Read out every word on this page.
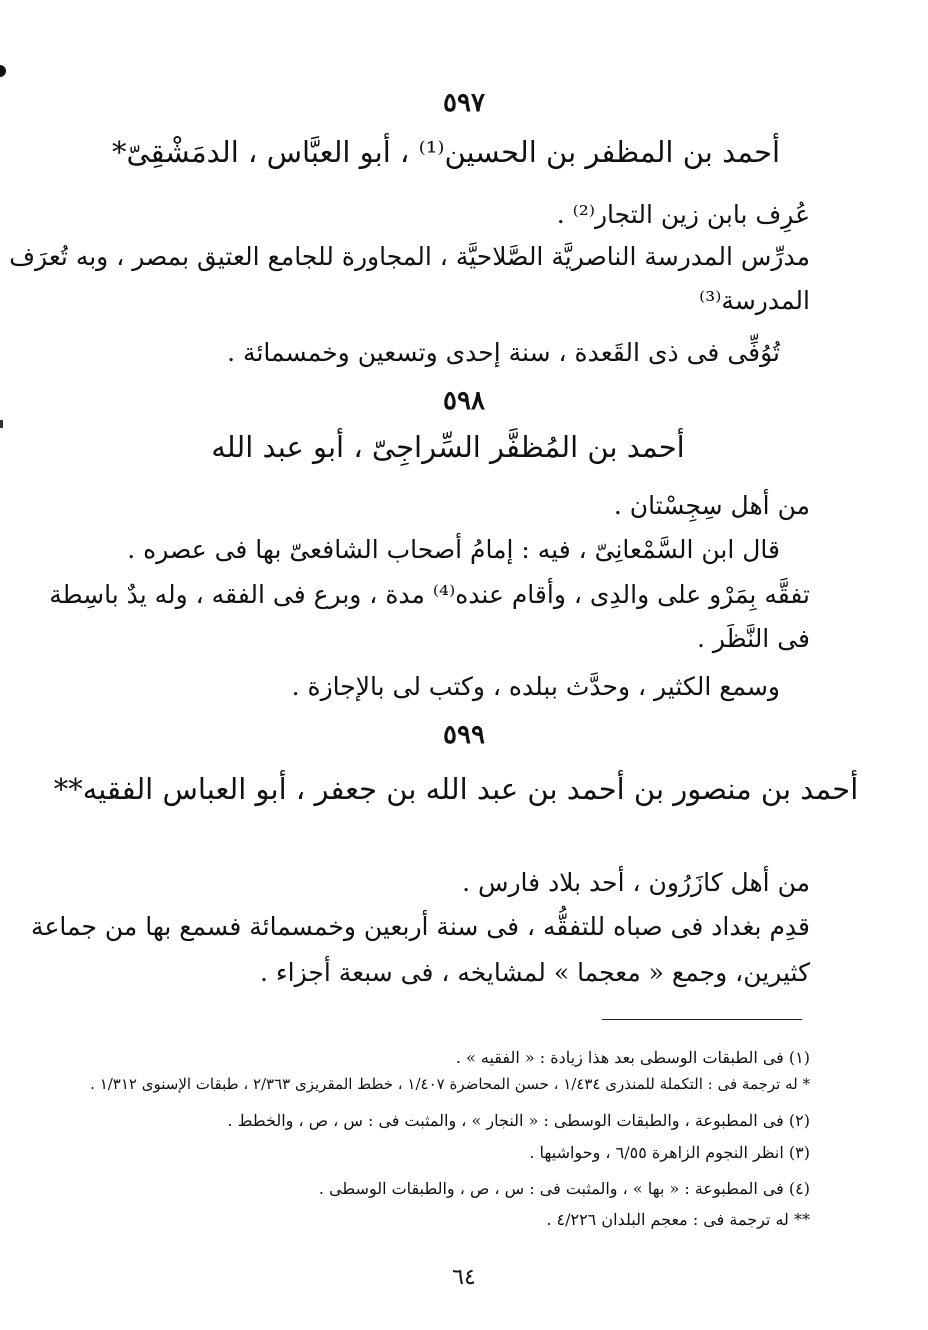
٥٩٧
أحمد بن المظفر بن الحسين⁽¹⁾ ، أبو العبَّاس ، الدمَشْقِىّ*
عُرِف بابن زين التجار⁽²⁾ .
مدرِّس المدرسة الناصريَّة الصَّلاحيَّة ، المجاورة للجامع العتيق بمصر ، وبه تُعرَف
المدرسة⁽³⁾
تُوُفِّى فى ذى القَعدة ، سنة إحدى وتسعين وخمسمائة .
٥٩٨
أحمد بن المُظفَّر السِّراجِىّ ، أبو عبد الله
من أهل سِجِسْتان .
قال ابن السَّمْعانِىّ ، فيه : إمامُ أصحاب الشافعىّ بها فى عصره .
تفقَّه بِمَرْو على والدِى ، وأقام عنده⁽⁴⁾ مدة ، وبرع فى الفقه ، وله يدٌ باسِطة
فى النَّظَر .
وسمع الكثير ، وحدَّث ببلده ، وكتب لى بالإجازة .
٥٩٩
أحمد بن منصور بن أحمد بن عبد الله بن جعفر ، أبو العباس الفقيه**
من أهل كازَرُون ، أحد بلاد فارس .
قدِم بغداد فى صباه للتفقُّه ، فى سنة أربعين وخمسمائة فسمع بها من جماعة
كثيرين، وجمع « معجما » لمشايخه ، فى سبعة أجزاء .
(١) فى الطبقات الوسطى بعد هذا زيادة : « الفقيه » .
* له ترجمة فى : التكملة للمنذرى ١/٤٣٤ ، حسن المحاضرة ١/٤٠٧ ، خطط المقريزى ٢/٣٦٣ ، طبقات الإسنوى ١/٣١٢ .
(٢) فى المطبوعة ، والطبقات الوسطى : « النجار » ، والمثبت فى : س ، ص ، والخطط .
(٣) انظر النجوم الزاهرة ٦/٥٥ ، وحواشيها .
(٤) فى المطبوعة : « بها » ، والمثبت فى : س ، ص ، والطبقات الوسطى .
** له ترجمة فى : معجم البلدان ٤/٢٢٦ .
٦٤
